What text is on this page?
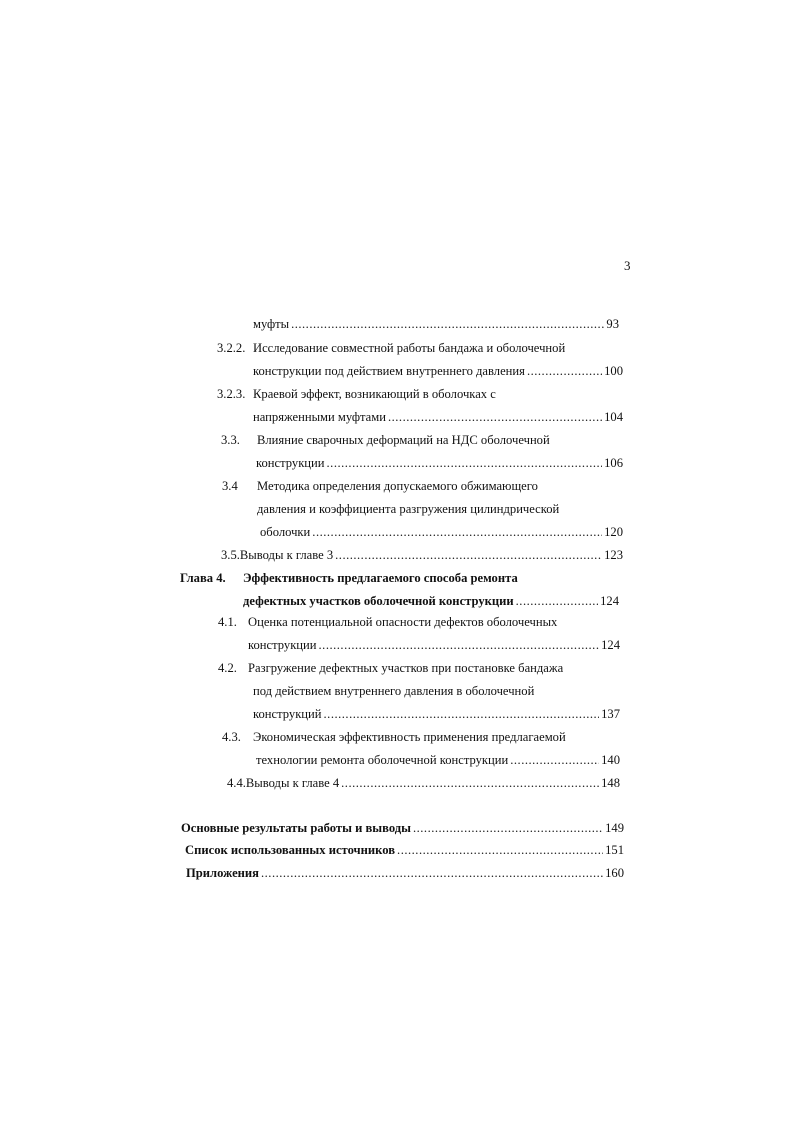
3
муфты .....	93
3.2.2. Исследование совместной работы бандажа и оболочечной
конструкции под действием внутреннего давления .....	100
3.2.3. Краевой эффект, возникающий в оболочках с
напряженными муфтами .....	104
3.3.	Влияние сварочных деформаций на НДС оболочечной
конструкции .....	106
3.4	Методика определения допускаемого обжимающего
давления и коэффициента разгружения цилиндрической
оболочки .....	120
3.5. Выводы к главе 3 .....	123
Глава 4.	Эффективность предлагаемого способа ремонта
дефектных участков оболочечной конструкции .....	124
4.1. Оценка потенциальной опасности дефектов оболочечных
конструкции .....	124
4.2. Разгружение дефектных участков при постановке бандажа
под действием внутреннего давления в оболочечной
конструкций .....	137
4.3. Экономическая эффективность применения предлагаемой
технологии ремонта оболочечной конструкции .....	140
4.4. Выводы к главе 4 .....	148
Основные результаты работы и выводы .....	149
Список использованных источников .....	151
Приложения .....	160
